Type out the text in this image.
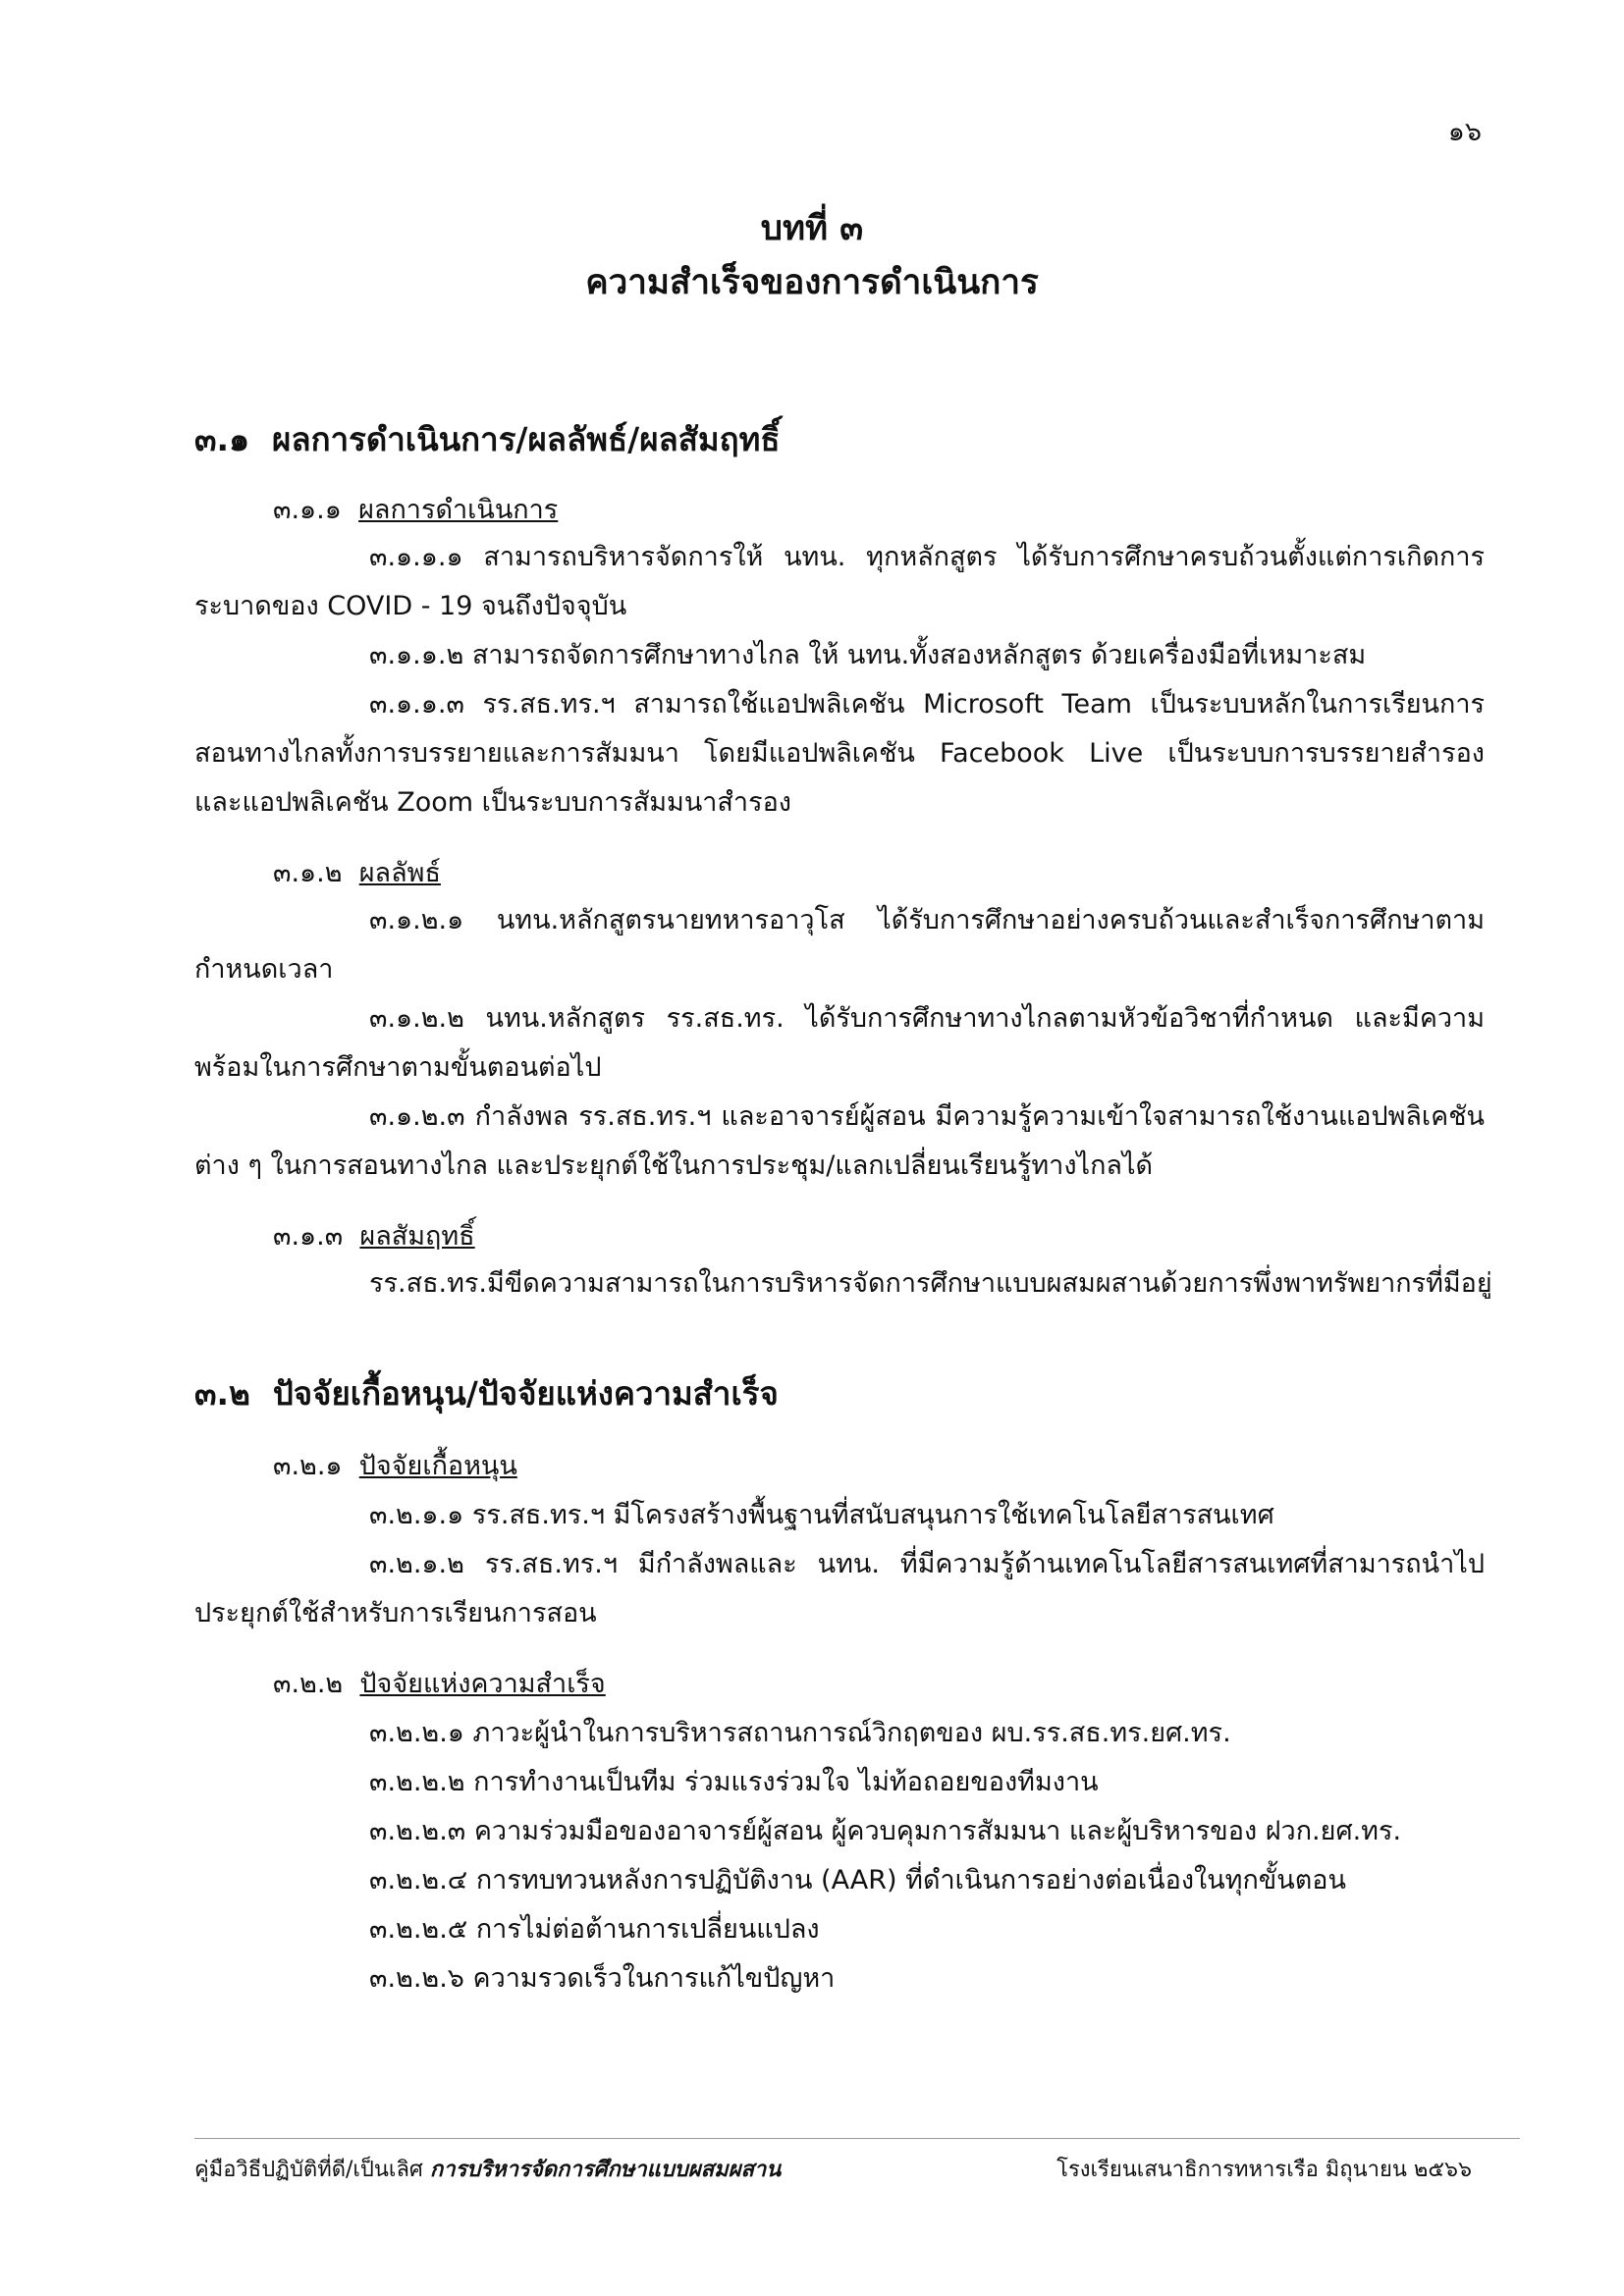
๑๖
บทที่ ๓
ความสำเร็จของการดำเนินการ
๓.๑ ผลการดำเนินการ/ผลลัพธ์/ผลสัมฤทธิ์
๓.๑.๑ ผลการดำเนินการ
๓.๑.๑.๑ สามารถบริหารจัดการให้ นทน. ทุกหลักสูตร ได้รับการศึกษาครบถ้วนตั้งแต่การเกิดการ
ระบาดของ COVID - 19 จนถึงปัจจุบัน
๓.๑.๑.๒ สามารถจัดการศึกษาทางไกล ให้ นทน.ทั้งสองหลักสูตร ด้วยเครื่องมือที่เหมาะสม
๓.๑.๑.๓ รร.สธ.ทร.ฯ สามารถใช้แอปพลิเคชัน Microsoft Team เป็นระบบหลักในการเรียนการ
สอนทางไกลทั้งการบรรยายและการสัมมนา โดยมีแอปพลิเคชัน Facebook Live เป็นระบบการบรรยายสำรอง
และแอปพลิเคชัน Zoom เป็นระบบการสัมมนาสำรอง
๓.๑.๒ ผลลัพธ์
๓.๑.๒.๑ นทน.หลักสูตรนายทหารอาวุโส ได้รับการศึกษาอย่างครบถ้วนและสำเร็จการศึกษาตาม
กำหนดเวลา
๓.๑.๒.๒ นทน.หลักสูตร รร.สธ.ทร. ได้รับการศึกษาทางไกลตามหัวข้อวิชาที่กำหนด และมีความ
พร้อมในการศึกษาตามขั้นตอนต่อไป
๓.๑.๒.๓ กำลังพล รร.สธ.ทร.ฯ และอาจารย์ผู้สอน มีความรู้ความเข้าใจสามารถใช้งานแอปพลิเคชัน
ต่าง ๆ ในการสอนทางไกล และประยุกต์ใช้ในการประชุม/แลกเปลี่ยนเรียนรู้ทางไกลได้
๓.๑.๓ ผลสัมฤทธิ์
รร.สธ.ทร.มีขีดความสามารถในการบริหารจัดการศึกษาแบบผสมผสานด้วยการพึ่งพาทรัพยากรที่มีอยู่
๓.๒ ปัจจัยเกื้อหนุน/ปัจจัยแห่งความสำเร็จ
๓.๒.๑ ปัจจัยเกื้อหนุน
๓.๒.๑.๑ รร.สธ.ทร.ฯ มีโครงสร้างพื้นฐานที่สนับสนุนการใช้เทคโนโลยีสารสนเทศ
๓.๒.๑.๒ รร.สธ.ทร.ฯ มีกำลังพลและ นทน. ที่มีความรู้ด้านเทคโนโลยีสารสนเทศที่สามารถนำไป
ประยุกต์ใช้สำหรับการเรียนการสอน
๓.๒.๒ ปัจจัยแห่งความสำเร็จ
๓.๒.๒.๑ ภาวะผู้นำในการบริหารสถานการณ์วิกฤตของ ผบ.รร.สธ.ทร.ยศ.ทร.
๓.๒.๒.๒ การทำงานเป็นทีม ร่วมแรงร่วมใจ ไม่ท้อถอยของทีมงาน
๓.๒.๒.๓ ความร่วมมือของอาจารย์ผู้สอน ผู้ควบคุมการสัมมนา และผู้บริหารของ ฝวก.ยศ.ทร.
๓.๒.๒.๔ การทบทวนหลังการปฏิบัติงาน (AAR) ที่ดำเนินการอย่างต่อเนื่องในทุกขั้นตอน
๓.๒.๒.๕ การไม่ต่อต้านการเปลี่ยนแปลง
๓.๒.๒.๖ ความรวดเร็วในการแก้ไขปัญหา
คู่มือวิธีปฏิบัติที่ดี/เป็นเลิศ การบริหารจัดการศึกษาแบบผสมผสาน	โรงเรียนเสนาธิการทหารเรือ มิถุนายน ๒๕๖๖
